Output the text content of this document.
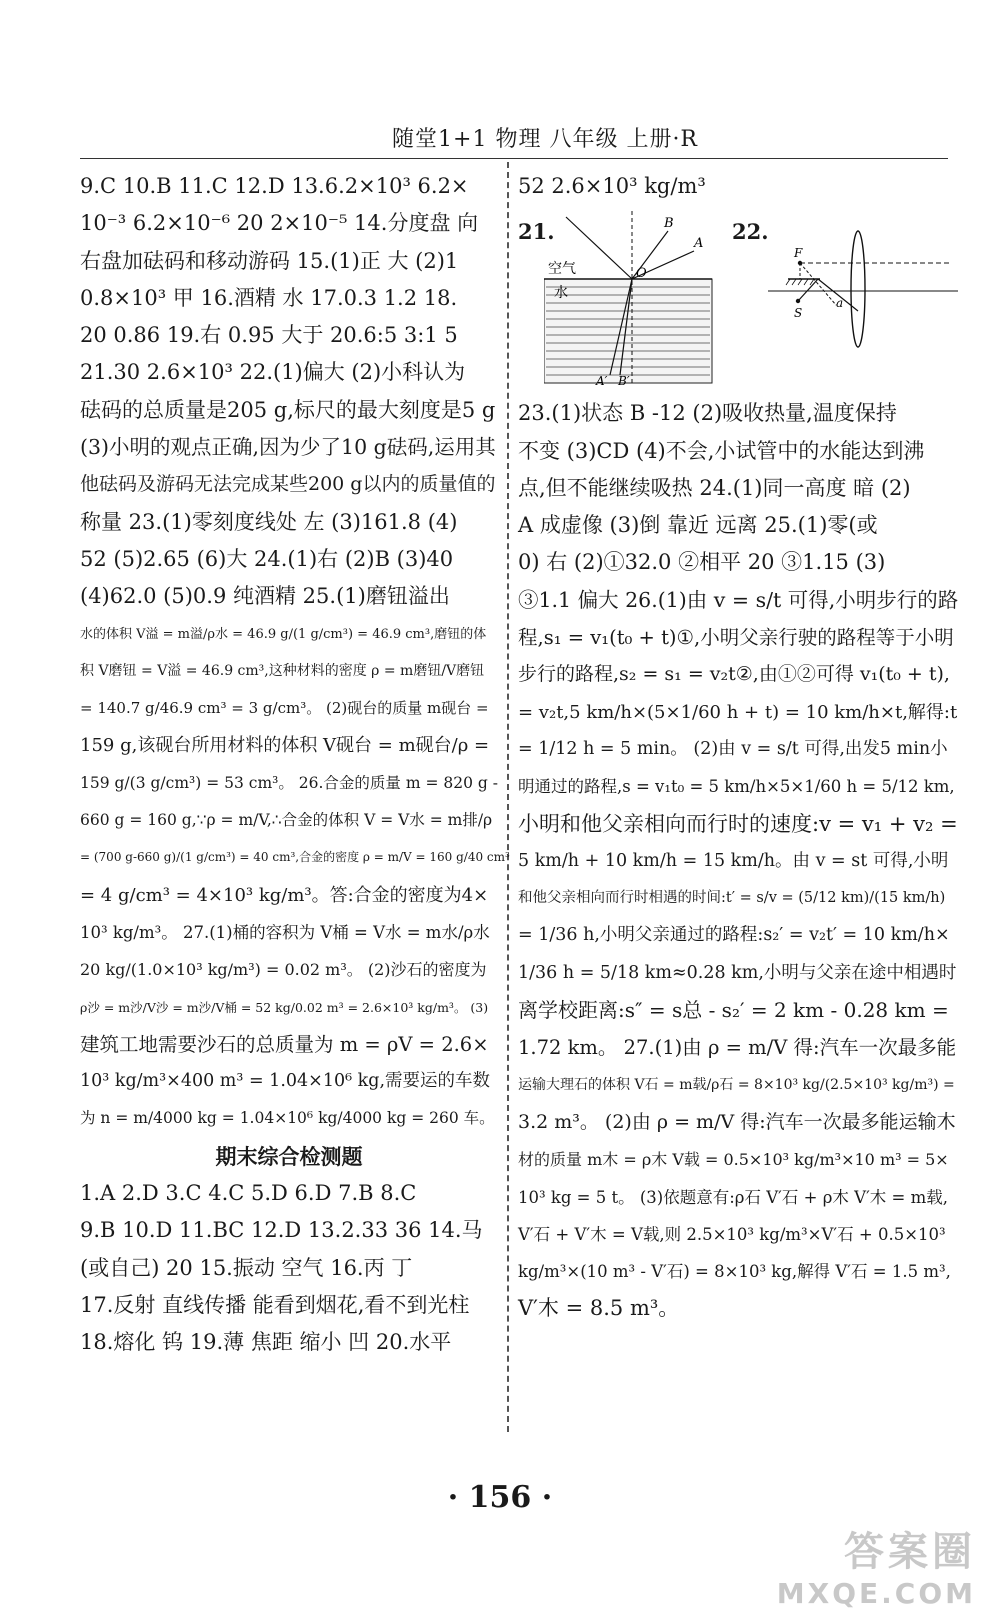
随堂1+1 物理 八年级 上册·R

9.C 10.B 11.C 12.D 13.6.2×10³ 6.2×

10⁻³ 6.2×10⁻⁶ 20 2×10⁻⁵ 14.分度盘 向

右盘加砝码和移动游码 15.(1)正 大 (2)1

0.8×10³ 甲 16.酒精 水 17.0.3 1.2 18.

20 0.86 19.右 0.95 大于 20.6:5 3:1 5

21.30 2.6×10³ 22.(1)偏大 (2)小科认为

砝码的总质量是205 g,标尺的最大刻度是5 g

(3)小明的观点正确,因为少了10 g砝码,运用其

他砝码及游码无法完成某些200 g以内的质量值的

称量 23.(1)零刻度线处 左 (3)161.8 (4)

52 (5)2.65 (6)大 24.(1)右 (2)B (3)40

(4)62.0 (5)0.9 纯酒精 25.(1)磨钮溢出

水的体积 V溢 = m溢/ρ水 = 46.9 g/(1 g/cm³) = 46.9 cm³,磨钮的体

积 V磨钮 = V溢 = 46.9 cm³,这种材料的密度 ρ = m磨钮/V磨钮

= 140.7 g/46.9 cm³ = 3 g/cm³。 (2)砚台的质量 m砚台 =

159 g,该砚台所用材料的体积 V砚台 = m砚台/ρ =

159 g/(3 g/cm³) = 53 cm³。 26.合金的质量 m = 820 g -

660 g = 160 g,∵ρ = m/V,∴合金的体积 V = V水 = m排/ρ

= (700 g-660 g)/(1 g/cm³) = 40 cm³,合金的密度 ρ = m/V = 160 g/40 cm³

= 4 g/cm³ = 4×10³ kg/m³。答:合金的密度为4×

10³ kg/m³。 27.(1)桶的容积为 V桶 = V水 = m水/ρ水

20 kg/(1.0×10³ kg/m³) = 0.02 m³。 (2)沙石的密度为

ρ沙 = m沙/V沙 = m沙/V桶 = 52 kg/0.02 m³ = 2.6×10³ kg/m³。 (3)

建筑工地需要沙石的总质量为 m = ρV = 2.6×

10³ kg/m³×400 m³ = 1.04×10⁶ kg,需要运的车数

为 n = m/4000 kg = 1.04×10⁶ kg/4000 kg = 260 车。

期末综合检测题

1.A 2.D 3.C 4.C 5.D 6.D 7.B 8.C

9.B 10.D 11.BC 12.D 13.2.33 36 14.马

(或自己) 20 15.振动 空气 16.丙 丁

17.反射 直线传播 能看到烟花,看不到光柱

18.熔化 钨 19.薄 焦距 缩小 凹 20.水平

52 2.6×10³ kg/m³

21.
空气
水
O
A
B
A′ B′
22.
F
S
a

23.(1)状态 B -12 (2)吸收热量,温度保持

不变 (3)CD (4)不会,小试管中的水能达到沸

点,但不能继续吸热 24.(1)同一高度 暗 (2)

A 成虚像 (3)倒 靠近 远离 25.(1)零(或

0) 右 (2)①32.0 ②相平 20 ③1.15 (3)

③1.1 偏大 26.(1)由 v = s/t 可得,小明步行的路

程,s₁ = v₁(t₀ + t)①,小明父亲行驶的路程等于小明

步行的路程,s₂ = s₁ = v₂t②,由①②可得 v₁(t₀ + t),

= v₂t,5 km/h×(5×1/60 h + t) = 10 km/h×t,解得:t

= 1/12 h = 5 min。 (2)由 v = s/t 可得,出发5 min小

明通过的路程,s = v₁t₀ = 5 km/h×5×1/60 h = 5/12 km,

小明和他父亲相向而行时的速度:v = v₁ + v₂ =

5 km/h + 10 km/h = 15 km/h。由 v = st 可得,小明

和他父亲相向而行时相遇的时间:t′ = s/v = (5/12 km)/(15 km/h)

= 1/36 h,小明父亲通过的路程:s₂′ = v₂t′ = 10 km/h×

1/36 h = 5/18 km≈0.28 km,小明与父亲在途中相遇时

离学校距离:s″ = s总 - s₂′ = 2 km - 0.28 km =

1.72 km。 27.(1)由 ρ = m/V 得:汽车一次最多能

运输大理石的体积 V石 = m载/ρ石 = 8×10³ kg/(2.5×10³ kg/m³) =

3.2 m³。 (2)由 ρ = m/V 得:汽车一次最多能运输木

材的质量 m木 = ρ木 V载 = 0.5×10³ kg/m³×10 m³ = 5×

10³ kg = 5 t。 (3)依题意有:ρ石 V′石 + ρ木 V′木 = m载,

V′石 + V′木 = V载,则 2.5×10³ kg/m³×V′石 + 0.5×10³

kg/m³×(10 m³ - V′石) = 8×10³ kg,解得 V′石 = 1.5 m³,

V′木 = 8.5 m³。

· 156 ·
答案圈
MXQE.COM
